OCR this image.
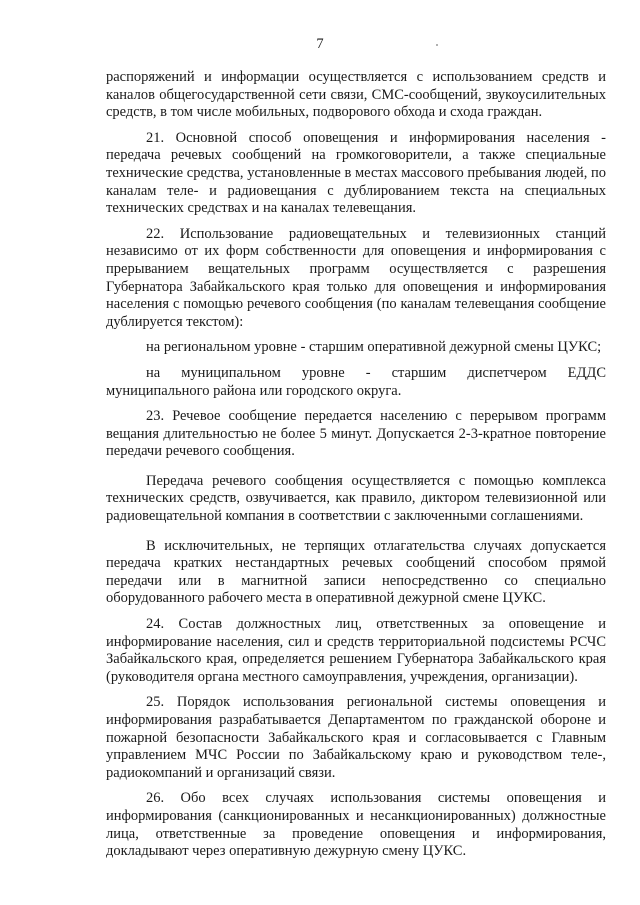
7

распоряжений и информации осуществляется с использованием средств и каналов общегосударственной сети связи, СМС-сообщений, звукоусилительных средств, в том числе мобильных, подворового обхода и схода граждан.

21. Основной способ оповещения и информирования населения - передача речевых сообщений на громкоговорители, а также специальные технические средства, установленные в местах массового пребывания людей, по каналам теле- и радиовещания с дублированием текста на специальных технических средствах и на каналах телевещания.

22. Использование радиовещательных и телевизионных станций независимо от их форм собственности для оповещения и информирования с прерыванием вещательных программ осуществляется с разрешения Губернатора Забайкальского края только для оповещения и информирования населения с помощью речевого сообщения (по каналам телевещания сообщение дублируется текстом):

на региональном уровне - старшим оперативной дежурной смены ЦУКС;

на муниципальном уровне - старшим диспетчером ЕДДС муниципального района или городского округа.

23. Речевое сообщение передается населению с перерывом программ вещания длительностью не более 5 минут. Допускается 2-3-кратное повторение передачи речевого сообщения.

Передача речевого сообщения осуществляется с помощью комплекса технических средств, озвучивается, как правило, диктором телевизионной или радиовещательной компания в соответствии с заключенными соглашениями.

В исключительных, не терпящих отлагательства случаях допускается передача кратких нестандартных речевых сообщений способом прямой передачи или в магнитной записи непосредственно со специально оборудованного рабочего места в оперативной дежурной смене ЦУКС.

24. Состав должностных лиц, ответственных за оповещение и информирование населения, сил и средств территориальной подсистемы РСЧС Забайкальского края, определяется решением Губернатора Забайкальского края (руководителя органа местного самоуправления, учреждения, организации).

25. Порядок использования региональной системы оповещения и информирования разрабатывается Департаментом по гражданской обороне и пожарной безопасности Забайкальского края и согласовывается с Главным управлением МЧС России по Забайкальскому краю и руководством теле-, радиокомпаний и организаций связи.

26. Обо всех случаях использования системы оповещения и информирования (санкционированных и несанкционированных) должностные лица, ответственные за проведение оповещения и информирования, докладывают через оперативную дежурную смену ЦУКС.
